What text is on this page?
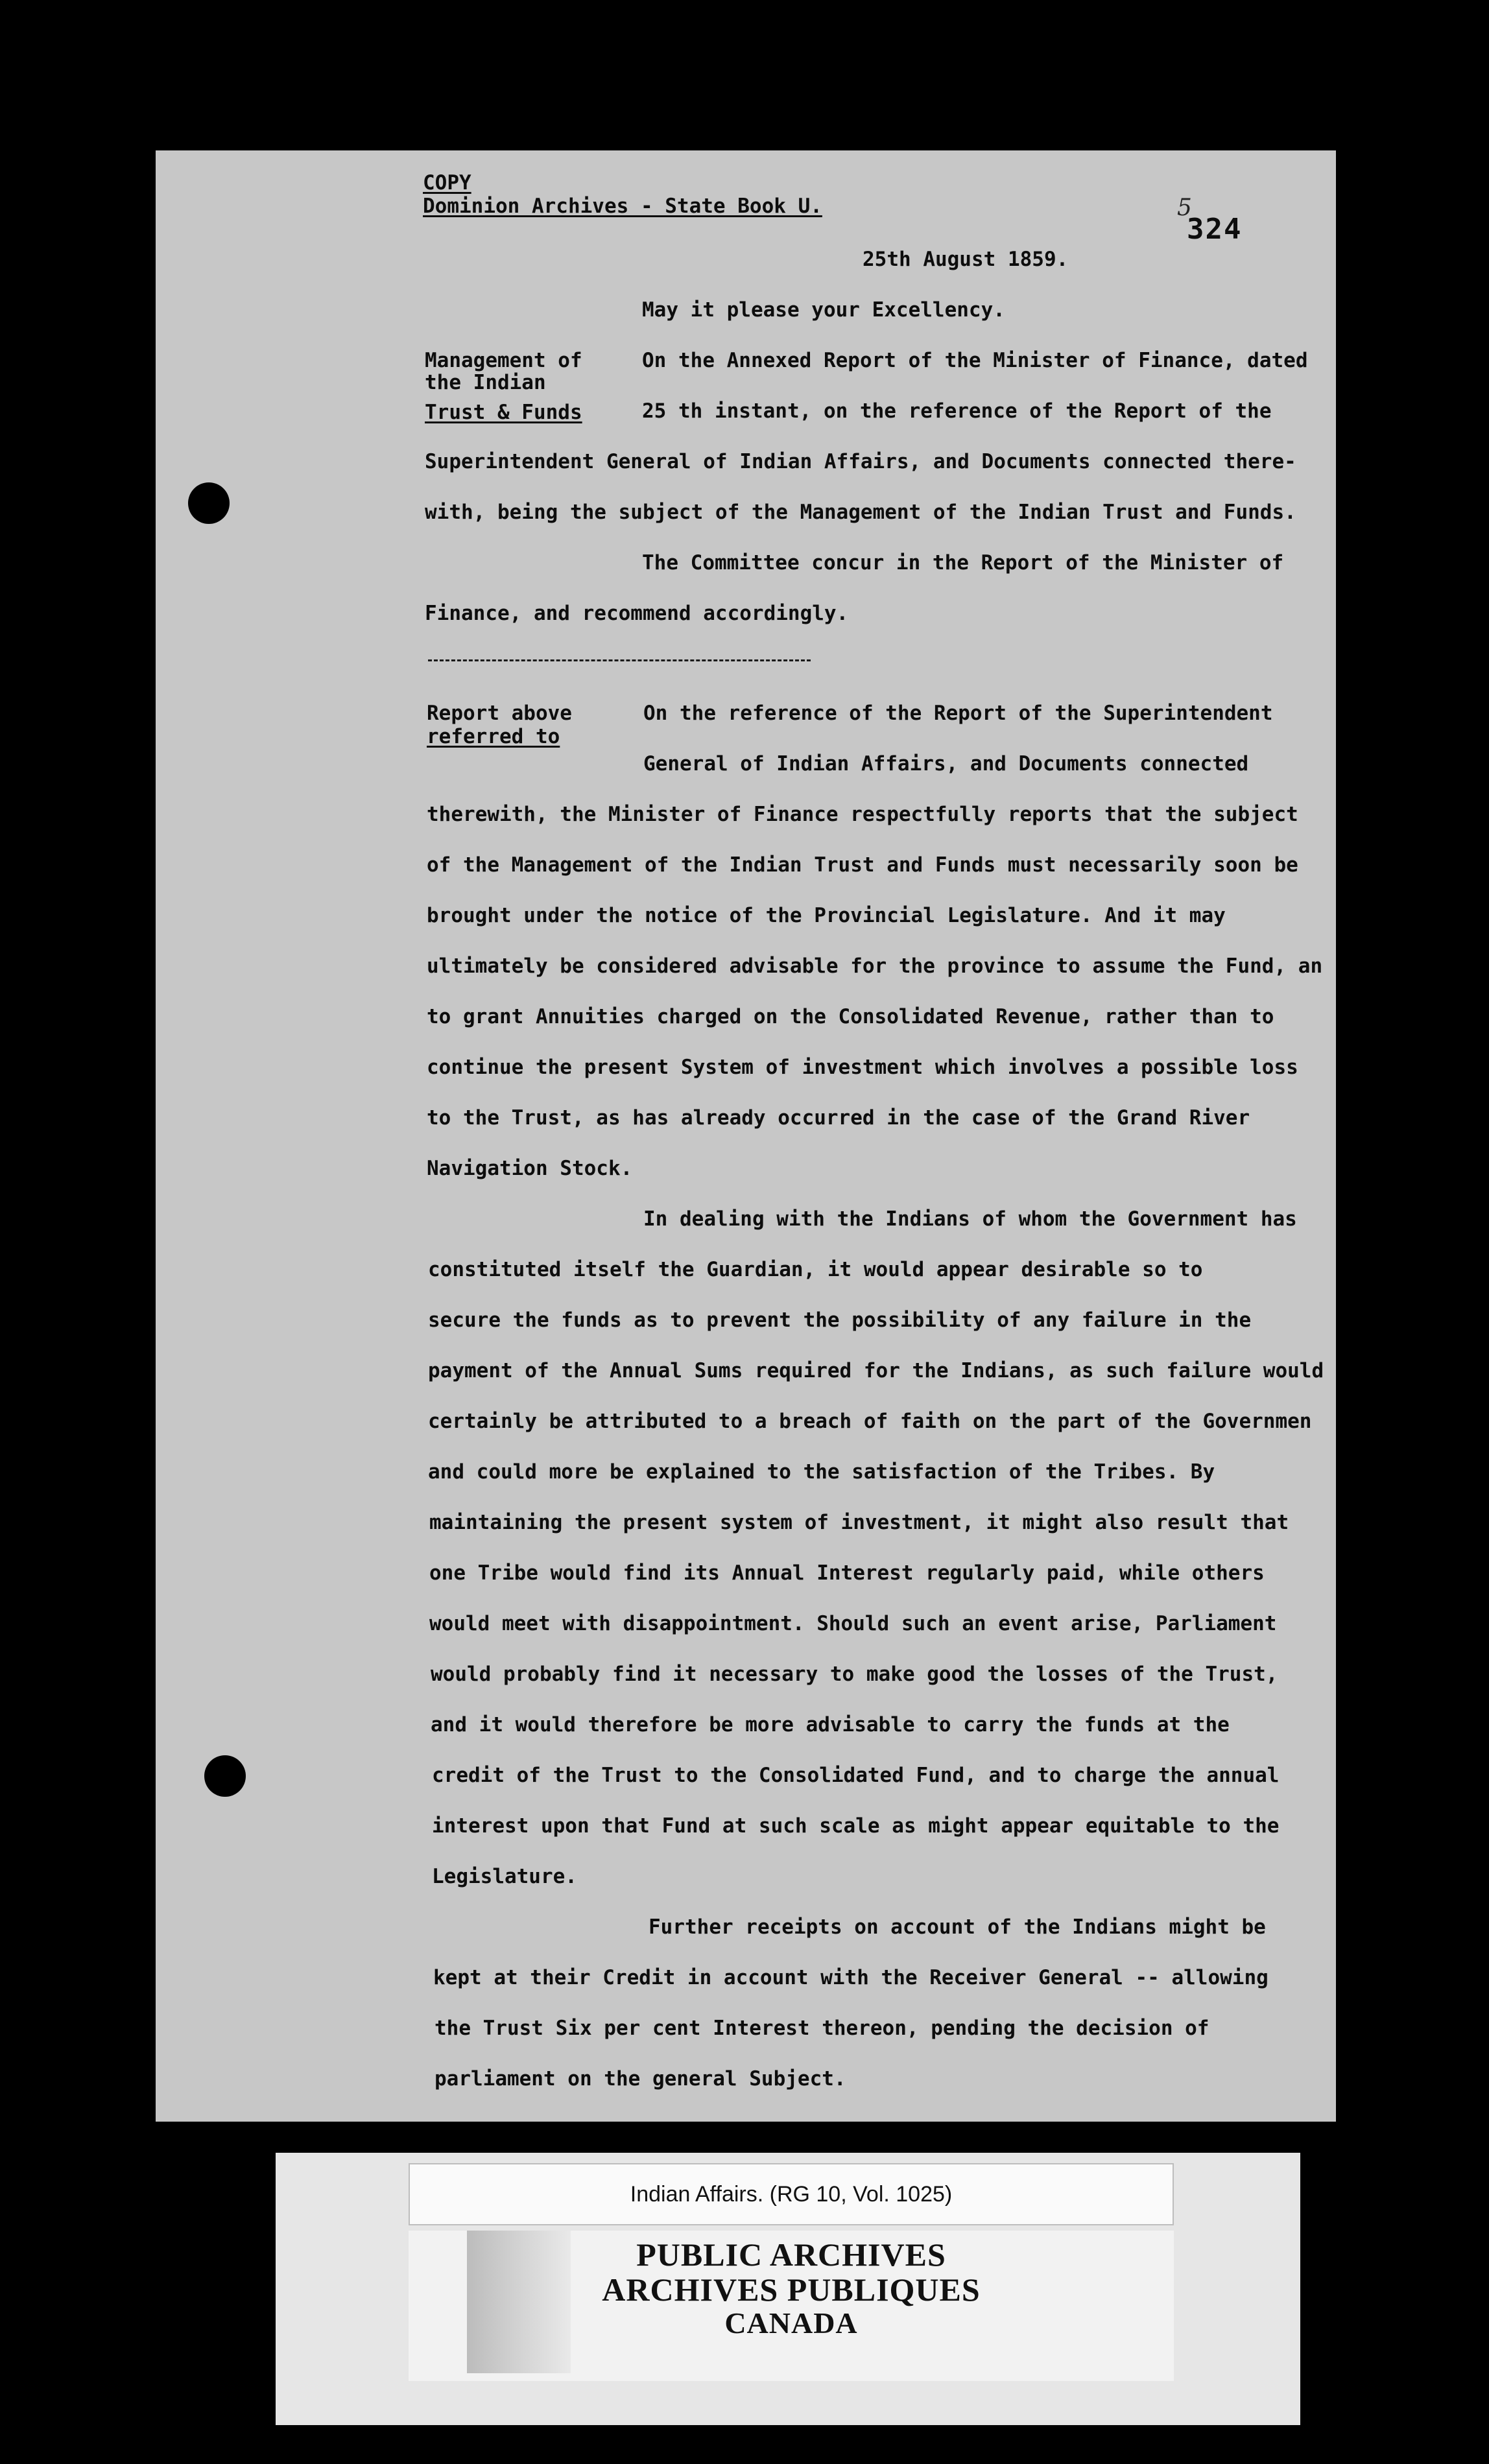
COPY
Dominion Archives - State Book U.	5
324
25th August 1859.
May it please your Excellency.
Management of
the Indian
Trust & Funds
On the Annexed Report of the Minister of Finance, dated
25 th instant, on the reference of the Report of the
Superintendent General of Indian Affairs, and Documents connected there-
with, being the subject of the Management of the Indian Trust and Funds.
The Committee concur in the Report of the Minister of
Finance, and recommend accordingly.
Report above
referred to
On the reference of the Report of the Superintendent
General of Indian Affairs, and Documents connected
therewith, the Minister of Finance respectfully reports that the subject
of the Management of the Indian Trust and Funds must necessarily soon be
brought under the notice of the Provincial Legislature. And it may
ultimately be considered advisable for the province to assume the Fund, an
to grant Annuities charged on the Consolidated Revenue, rather than to
continue the present System of investment which involves a possible loss
to the Trust, as has already occurred in the case of the Grand River
Navigation Stock.
In dealing with the Indians of whom the Government has
constituted itself the Guardian, it would appear desirable so to
secure the funds as to prevent the possibility of any failure in the
payment of the Annual Sums required for the Indians, as such failure would
certainly be attributed to a breach of faith on the part of the Governmen
and could more be explained to the satisfaction of the Tribes. By
maintaining the present system of investment, it might also result that
one Tribe would find its Annual Interest regularly paid, while others
would meet with disappointment. Should such an event arise, Parliament
would probably find it necessary to make good the losses of the Trust,
and it would therefore be more advisable to carry the funds at the
credit of the Trust to the Consolidated Fund, and to charge the annual
interest upon that Fund at such scale as might appear equitable to the
Legislature.
Further receipts on account of the Indians might be
kept at their Credit in account with the Receiver General -- allowing
the Trust Six per cent Interest thereon, pending the decision of
parliament on the general Subject.
Indian Affairs. (RG 10, Vol. 1025)
PUBLIC ARCHIVES
ARCHIVES PUBLIQUES
CANADA
